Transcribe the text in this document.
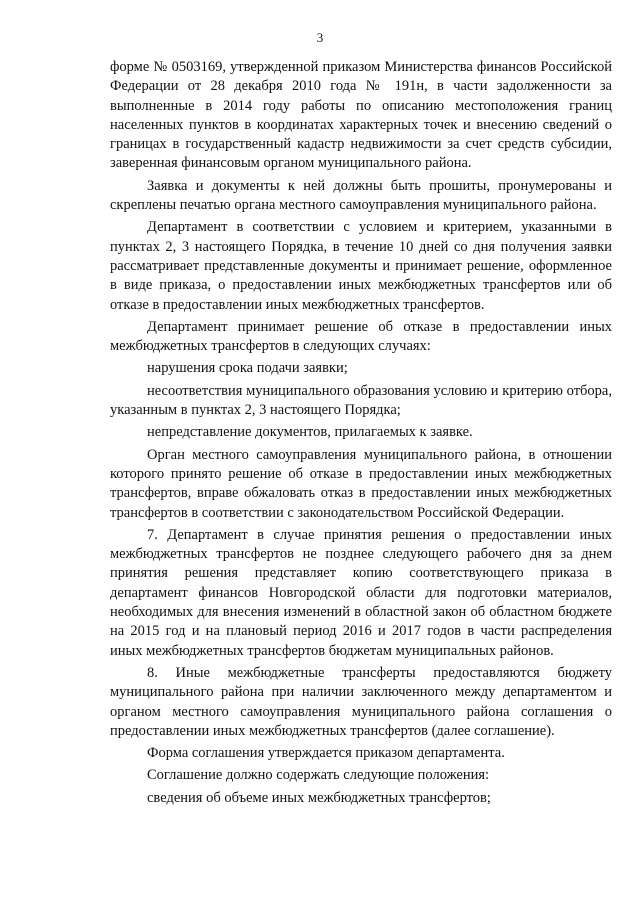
3

форме № 0503169, утвержденной приказом Министерства финансов Российской Федерации от 28 декабря 2010 года № 191н, в части задолженности за выполненные в 2014 году работы по описанию местоположения границ населенных пунктов в координатах характерных точек и внесению сведений о границах в государственный кадастр недвижимости за счет средств субсидии, заверенная финансовым органом муниципального района.

Заявка и документы к ней должны быть прошиты, пронумерованы и скреплены печатью органа местного самоуправления муниципального района.

Департамент в соответствии с условием и критерием, указанными в пунктах 2, 3 настоящего Порядка, в течение 10 дней со дня получения заявки рассматривает представленные документы и принимает решение, оформленное в виде приказа, о предоставлении иных межбюджетных трансфертов или об отказе в предоставлении иных межбюджетных трансфертов.

Департамент принимает решение об отказе в предоставлении иных межбюджетных трансфертов в следующих случаях:

нарушения срока подачи заявки;

несоответствия муниципального образования условию и критерию отбора, указанным в пунктах 2, 3 настоящего Порядка;

непредставление документов, прилагаемых к заявке.

Орган местного самоуправления муниципального района, в отношении которого принято решение об отказе в предоставлении иных межбюджетных трансфертов, вправе обжаловать отказ в предоставлении иных межбюджетных трансфертов в соответствии с законодательством Российской Федерации.

7. Департамент в случае принятия решения о предоставлении иных межбюджетных трансфертов не позднее следующего рабочего дня за днем принятия решения представляет копию соответствующего приказа в департамент финансов Новгородской области для подготовки материалов, необходимых для внесения изменений в областной закон об областном бюджете на 2015 год и на плановый период 2016 и 2017 годов в части распределения иных межбюджетных трансфертов бюджетам муниципальных районов.

8. Иные межбюджетные трансферты предоставляются бюджету муниципального района при наличии заключенного между департаментом и органом местного самоуправления муниципального района соглашения о предоставлении иных межбюджетных трансфертов (далее соглашение).

Форма соглашения утверждается приказом департамента.

Соглашение должно содержать следующие положения:

сведения об объеме иных межбюджетных трансфертов;
